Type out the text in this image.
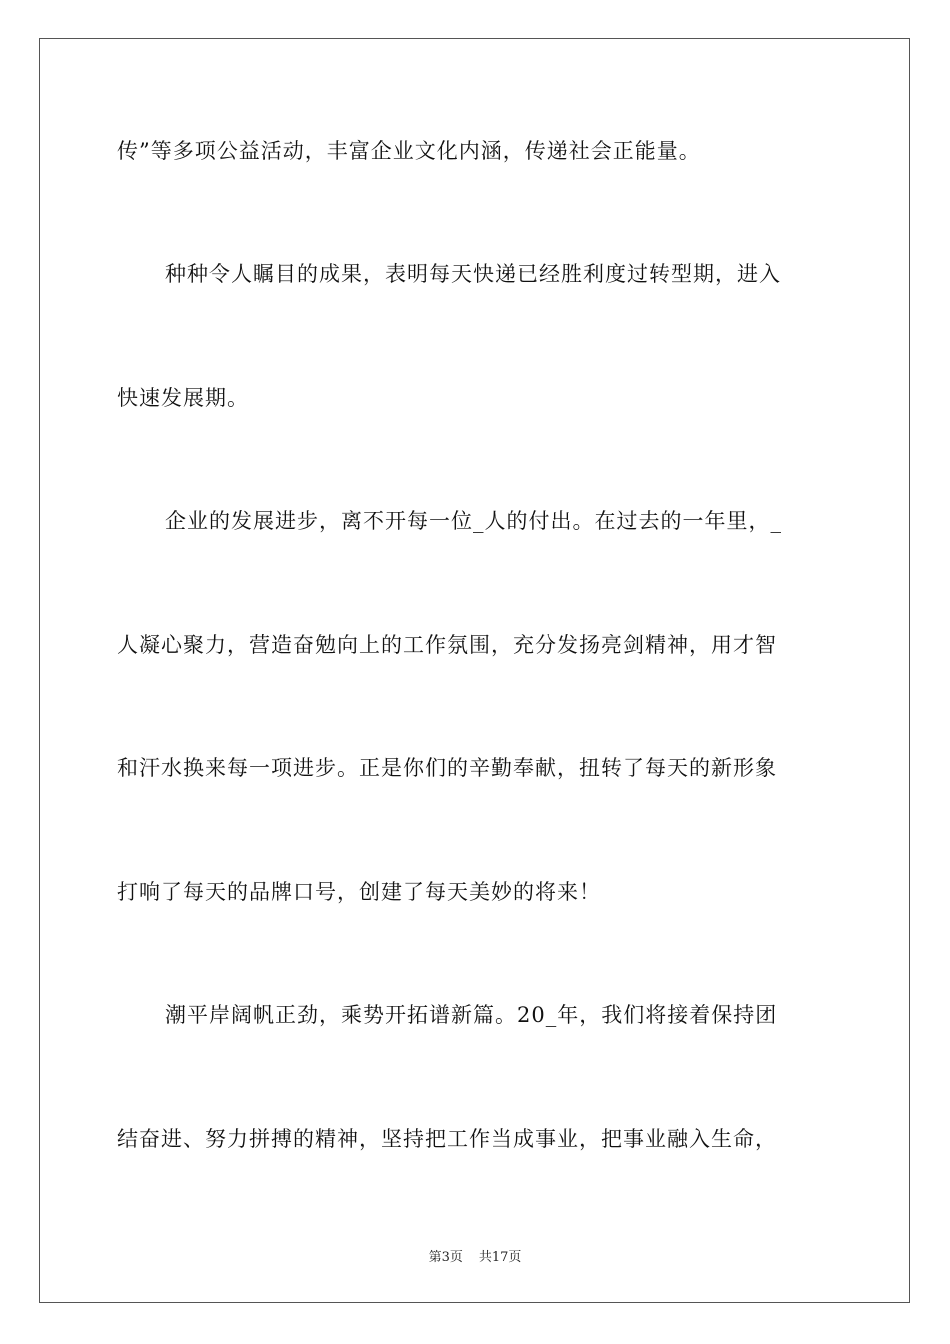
传”等多项公益活动，丰富企业文化内涵，传递社会正能量。
种种令人瞩目的成果，表明每天快递已经胜利度过转型期，进入
快速发展期。
企业的发展进步，离不开每一位_人的付出。在过去的一年里，_
人凝心聚力，营造奋勉向上的工作氛围，充分发扬亮剑精神，用才智
和汗水换来每一项进步。正是你们的辛勤奉献，扭转了每天的新形象
打响了每天的品牌口号，创建了每天美妙的将来！
潮平岸阔帆正劲，乘势开拓谱新篇。20_年，我们将接着保持团
结奋进、努力拼搏的精神，坚持把工作当成事业，把事业融入生命，
第3页 共17页
